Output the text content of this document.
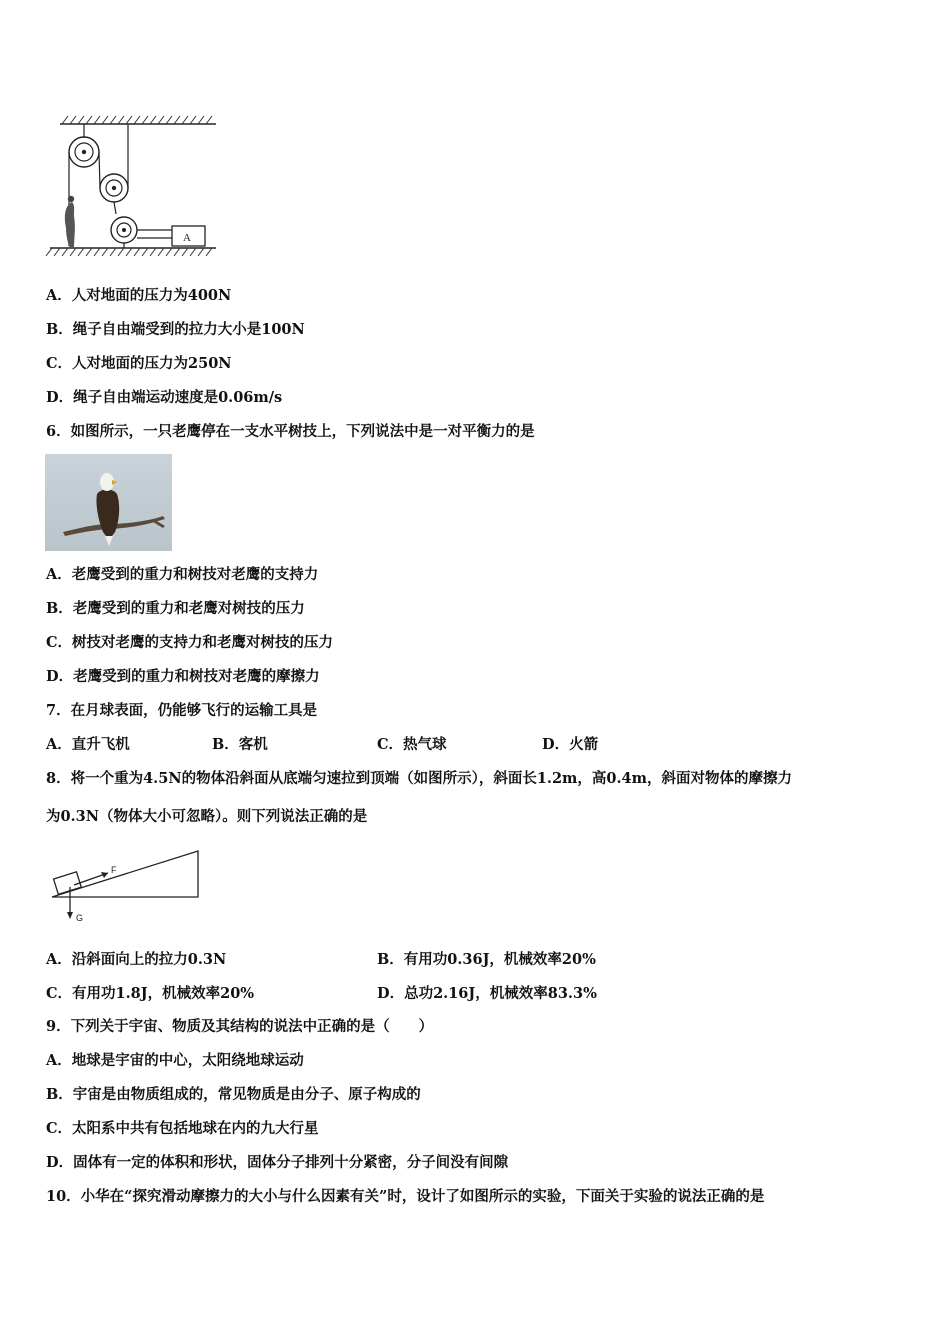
A
A．人对地面的压力为400N
B．绳子自由端受到的拉力大小是100N
C．人对地面的压力为250N
D．绳子自由端运动速度是0.06m/s
6．如图所示，一只老鹰停在一支水平树技上，下列说法中是一对平衡力的是
A．老鹰受到的重力和树技对老鹰的支持力
B．老鹰受到的重力和老鹰对树技的压力
C．树技对老鹰的支持力和老鹰对树技的压力
D．老鹰受到的重力和树技对老鹰的摩擦力
7．在月球表面，仍能够飞行的运输工具是
A．直升飞机	B．客机	C．热气球	D．火箭
8．将一个重为4.5N的物体沿斜面从底端匀速拉到顶端（如图所示），斜面长1.2m，高0.4m，斜面对物体的摩擦力
为0.3N（物体大小可忽略）。则下列说法正确的是
F
G
A．沿斜面向上的拉力0.3N	B．有用功0.36J，机械效率20%
C．有用功1.8J，机械效率20%	D．总功2.16J，机械效率83.3%
9．下列关于宇宙、物质及其结构的说法中正确的是（　　）
A．地球是宇宙的中心，太阳绕地球运动
B．宇宙是由物质组成的，常见物质是由分子、原子构成的
C．太阳系中共有包括地球在内的九大行星
D．固体有一定的体积和形状，固体分子排列十分紧密，分子间没有间隙
10．小华在“探究滑动摩擦力的大小与什么因素有关”时，设计了如图所示的实验，下面关于实验的说法正确的是
